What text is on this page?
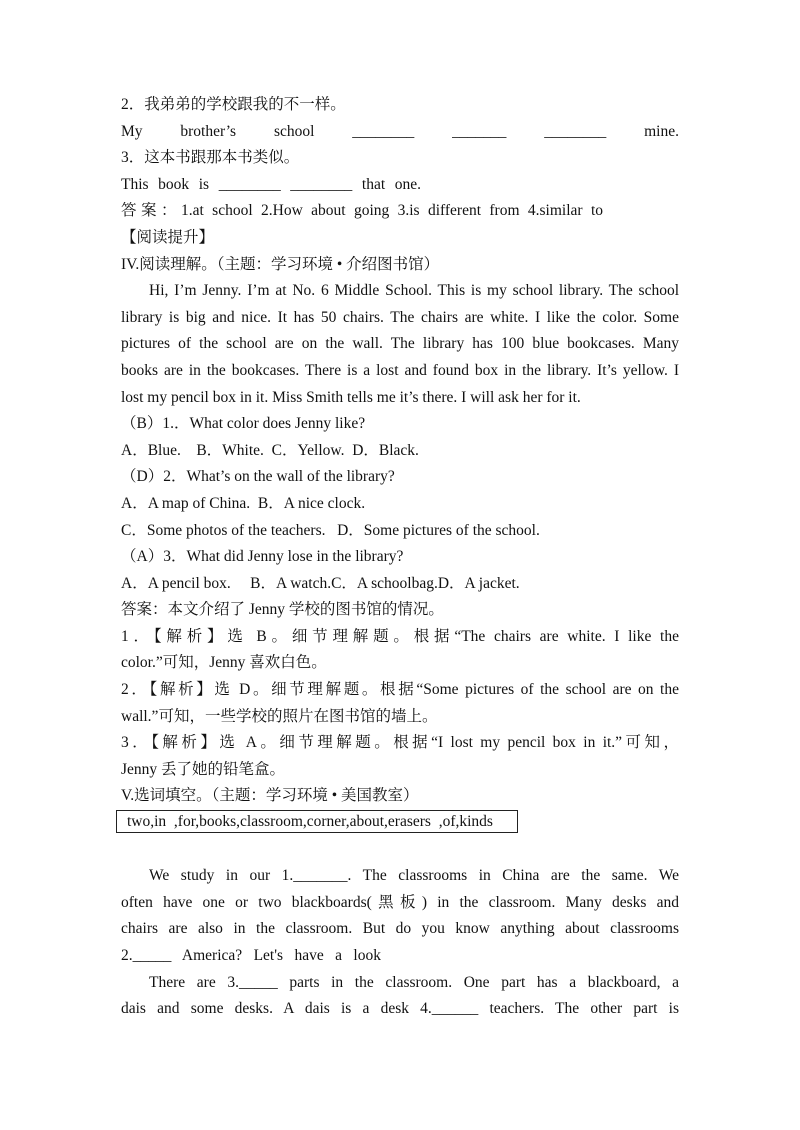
2．我弟弟的学校跟我的不一样。
My brother’s school ________ _______ ________ mine.
3．这本书跟那本书类似。
This book is ________ ________ that one.
答案：1.at school 2.How about going 3.is different from 4.similar to
【阅读提升】
IV.阅读理解。（主题：学习环境 • 介绍图书馆）
Hi, I’m Jenny. I’m at No. 6 Middle School. This is my school library. The school
library is big and nice. It has 50 chairs. The chairs are white. I like the color. Some
pictures of the school are on the wall. The library has 100 blue bookcases. Many
books are in the bookcases. There is a lost and found box in the library. It’s yellow. I
lost my pencil box in it. Miss Smith tells me it’s there. I will ask her for it.
（B）1.．What color does Jenny like?
A．Blue.    B．White.  C．Yellow.  D．Black.
（D）2．What’s on the wall of the library?
A．A map of China.  B．A nice clock.
C．Some photos of the teachers.   D．Some pictures of the school.
（A）3．What did Jenny lose in the library?
A．A pencil box.     B．A watch.C．A schoolbag.D．A jacket.
答案：本文介绍了 Jenny 学校的图书馆的情况。
1．【解析】选 B。细节理解题。根据“The chairs are white. I like the
color.”可知，Jenny 喜欢白色。
2．【解析】选 D。细节理解题。根据“Some pictures of the school are on the
wall.”可知，一些学校的照片在图书馆的墙上。
3．【解析】选 A。细节理解题。根据“I lost my pencil box in it.”可知，
Jenny 丢了她的铅笔盒。
V.选词填空。（主题：学习环境 • 美国教室）
two,in  ,for,books,classroom,corner,about,erasers  ,of,kinds
We study in our 1._______. The classrooms in China are the same. We
often have one or two blackboards(黑板) in the classroom. Many desks and
chairs are also in the classroom. But do you know anything about classrooms
2._____ America? Let's have a look
There are 3._____ parts in the classroom. One part has a blackboard, a
dais and some desks. A dais is a desk 4.______ teachers. The other part is
